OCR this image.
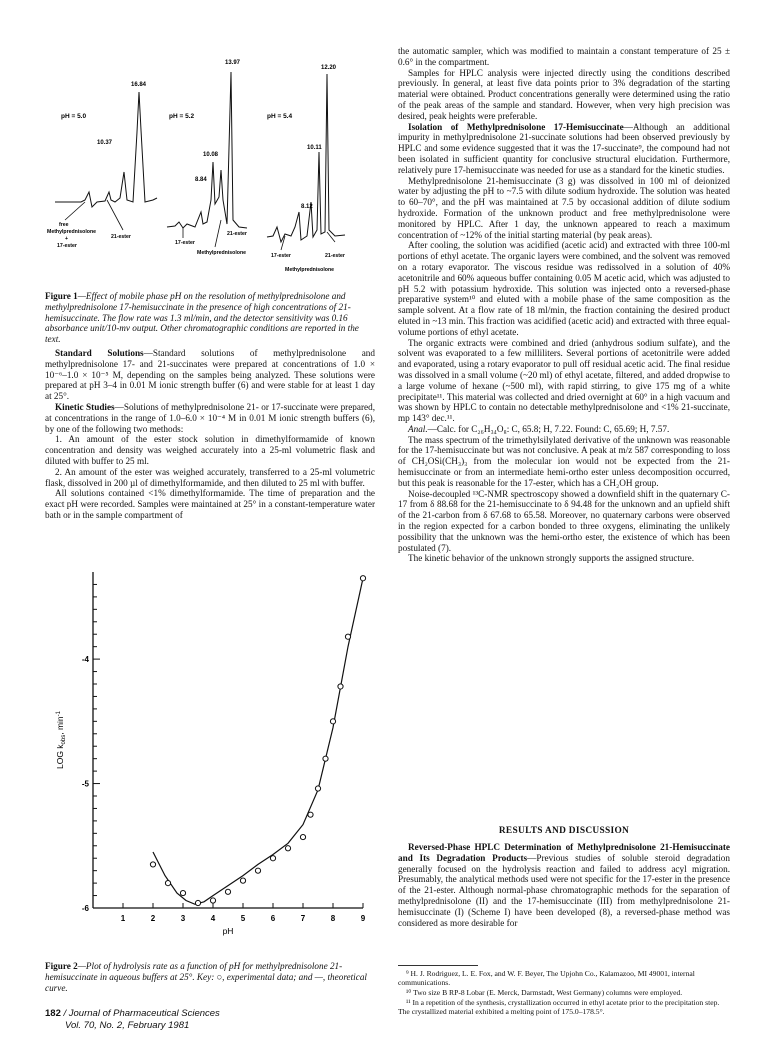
16.84
10.37
13.97
12.20
10.08
8.84
10.11
8.12
pH = 5.0	pH = 5.2	pH = 5.4
free
Methylprednisolone
+
17-ester
21-ester
17-ester
Methylprednisolone
21-ester
17-ester	21-ester
Methylprednisolone
Figure 1—Effect of mobile phase pH on the resolution of methylprednisolone and methylprednisolone 17-hemisuccinate in the presence of high concentrations of 21-hemisuccinate. The flow rate was 1.3 ml/min, and the detector sensitivity was 0.16 absorbance unit/10-mv output. Other chromatographic conditions are reported in the text.

Standard Solutions—Standard solutions of methylprednisolone and methylprednisolone 17- and 21-succinates were prepared at concentrations of 1.0 × 10⁻⁶–1.0 × 10⁻⁵ M, depending on the samples being analyzed. These solutions were prepared at pH 3–4 in 0.01 M ionic strength buffer (6) and were stable for at least 1 day at 25°.

Kinetic Studies—Solutions of methylprednisolone 21- or 17-succinate were prepared, at concentrations in the range of 1.0–6.0 × 10⁻⁴ M in 0.01 M ionic strength buffers (6), by one of the following two methods:

1. An amount of the ester stock solution in dimethylformamide of known concentration and density was weighed accurately into a 25-ml volumetric flask and diluted with buffer to 25 ml.

2. An amount of the ester was weighed accurately, transferred to a 25-ml volumetric flask, dissolved in 200 µl of dimethylformamide, and then diluted to 25 ml with buffer.

All solutions contained <1% dimethylformamide. The time of preparation and the exact pH were recorded. Samples were maintained at 25° in a constant-temperature water bath or in the sample compartment of

1	2	3	4	5	6	7	8	9
-4
-5
-6
pH
LOG $k_{obs}$, $\min^{-1}$
Figure 2—Plot of hydrolysis rate as a function of pH for methylprednisolone 21-hemisuccinate in aqueous buffers at 25°. Key: ○, experimental data; and —, theoretical curve.

the automatic sampler, which was modified to maintain a constant temperature of 25 ± 0.6° in the compartment.

Samples for HPLC analysis were injected directly using the conditions described previously. In general, at least five data points prior to 3% degradation of the starting material were obtained. Product concentrations generally were determined using the ratio of the peak areas of the sample and standard. However, when very high precision was desired, peak heights were preferable.

Isolation of Methylprednisolone 17-Hemisuccinate—Although an additional impurity in methylprednisolone 21-succinate solutions had been observed previously by HPLC and some evidence suggested that it was the 17-succinate⁹, the compound had not been isolated in sufficient quantity for conclusive structural elucidation. Furthermore, relatively pure 17-hemisuccinate was needed for use as a standard for the kinetic studies.

Methylprednisolone 21-hemisuccinate (3 g) was dissolved in 100 ml of deionized water by adjusting the pH to ~7.5 with dilute sodium hydroxide. The solution was heated to 60–70°, and the pH was maintained at 7.5 by occasional addition of dilute sodium hydroxide. Formation of the unknown product and free methylprednisolone were monitored by HPLC. After 1 day, the unknown appeared to reach a maximum concentration of ~12% of the initial starting material (by peak areas).

After cooling, the solution was acidified (acetic acid) and extracted with three 100-ml portions of ethyl acetate. The organic layers were combined, and the solvent was removed on a rotary evaporator. The viscous residue was redissolved in a solution of 40% acetonitrile and 60% aqueous buffer containing 0.05 M acetic acid, which was adjusted to pH 5.2 with potassium hydroxide. This solution was injected onto a reversed-phase preparative system¹⁰ and eluted with a mobile phase of the same composition as the sample solvent. At a flow rate of 18 ml/min, the fraction containing the desired product eluted in ~13 min. This fraction was acidified (acetic acid) and extracted with three equal-volume portions of ethyl acetate.

The organic extracts were combined and dried (anhydrous sodium sulfate), and the solvent was evaporated to a few milliliters. Several portions of acetonitrile were added and evaporated, using a rotary evaporator to pull off residual acetic acid. The final residue was dissolved in a small volume (~20 ml) of ethyl acetate, filtered, and added dropwise to a large volume of hexane (~500 ml), with rapid stirring, to give 175 mg of a white precipitate¹¹. This material was collected and dried overnight at 60° in a high vacuum and was shown by HPLC to contain no detectable methylprednisolone and <1% 21-succinate, mp 143° dec.¹¹.

Anal.—Calc. for C₂₆H₃₄O₈: C, 65.8; H, 7.22. Found: C, 65.69; H, 7.57.

The mass spectrum of the trimethylsilylated derivative of the unknown was reasonable for the 17-hemisuccinate but was not conclusive. A peak at m/z 587 corresponding to loss of CH₂OSi(CH₃)₃ from the molecular ion would not be expected from the 21-hemisuccinate or from an intermediate hemi-ortho ester unless decomposition occurred, but this peak is reasonable for the 17-ester, which has a CH₂OH group.

Noise-decoupled ¹³C-NMR spectroscopy showed a downfield shift in the quaternary C-17 from δ 88.68 for the 21-hemisuccinate to δ 94.48 for the unknown and an upfield shift of the 21-carbon from δ 67.68 to 65.58. Moreover, no quaternary carbons were observed in the region expected for a carbon bonded to three oxygens, eliminating the unlikely possibility that the unknown was the hemi-ortho ester, the existence of which has been postulated (7).

The kinetic behavior of the unknown strongly supports the assigned structure.

RESULTS AND DISCUSSION

Reversed-Phase HPLC Determination of Methylprednisolone 21-Hemisuccinate and Its Degradation Products—Previous studies of soluble steroid degradation generally focused on the hydrolysis reaction and failed to address acyl migration. Presumably, the analytical methods used were not specific for the 17-ester in the presence of the 21-ester. Although normal-phase chromatographic methods for the separation of methylprednisolone (II) and the 17-hemisuccinate (III) from methylprednisolone 21-hemisuccinate (I) (Scheme I) have been developed (8), a reversed-phase method was considered as more desirable for

⁹ H. J. Rodriguez, L. E. Fox, and W. F. Beyer, The Upjohn Co., Kalamazoo, MI 49001, internal communications.

¹⁰ Two size B RP-8 Lobar (E. Merck, Darmstadt, West Germany) columns were employed.

¹¹ In a repetition of the synthesis, crystallization occurred in ethyl acetate prior to the precipitation step. The crystallized material exhibited a melting point of 175.0–178.5°.

182 / Journal of Pharmaceutical Sciences
Vol. 70, No. 2, February 1981
